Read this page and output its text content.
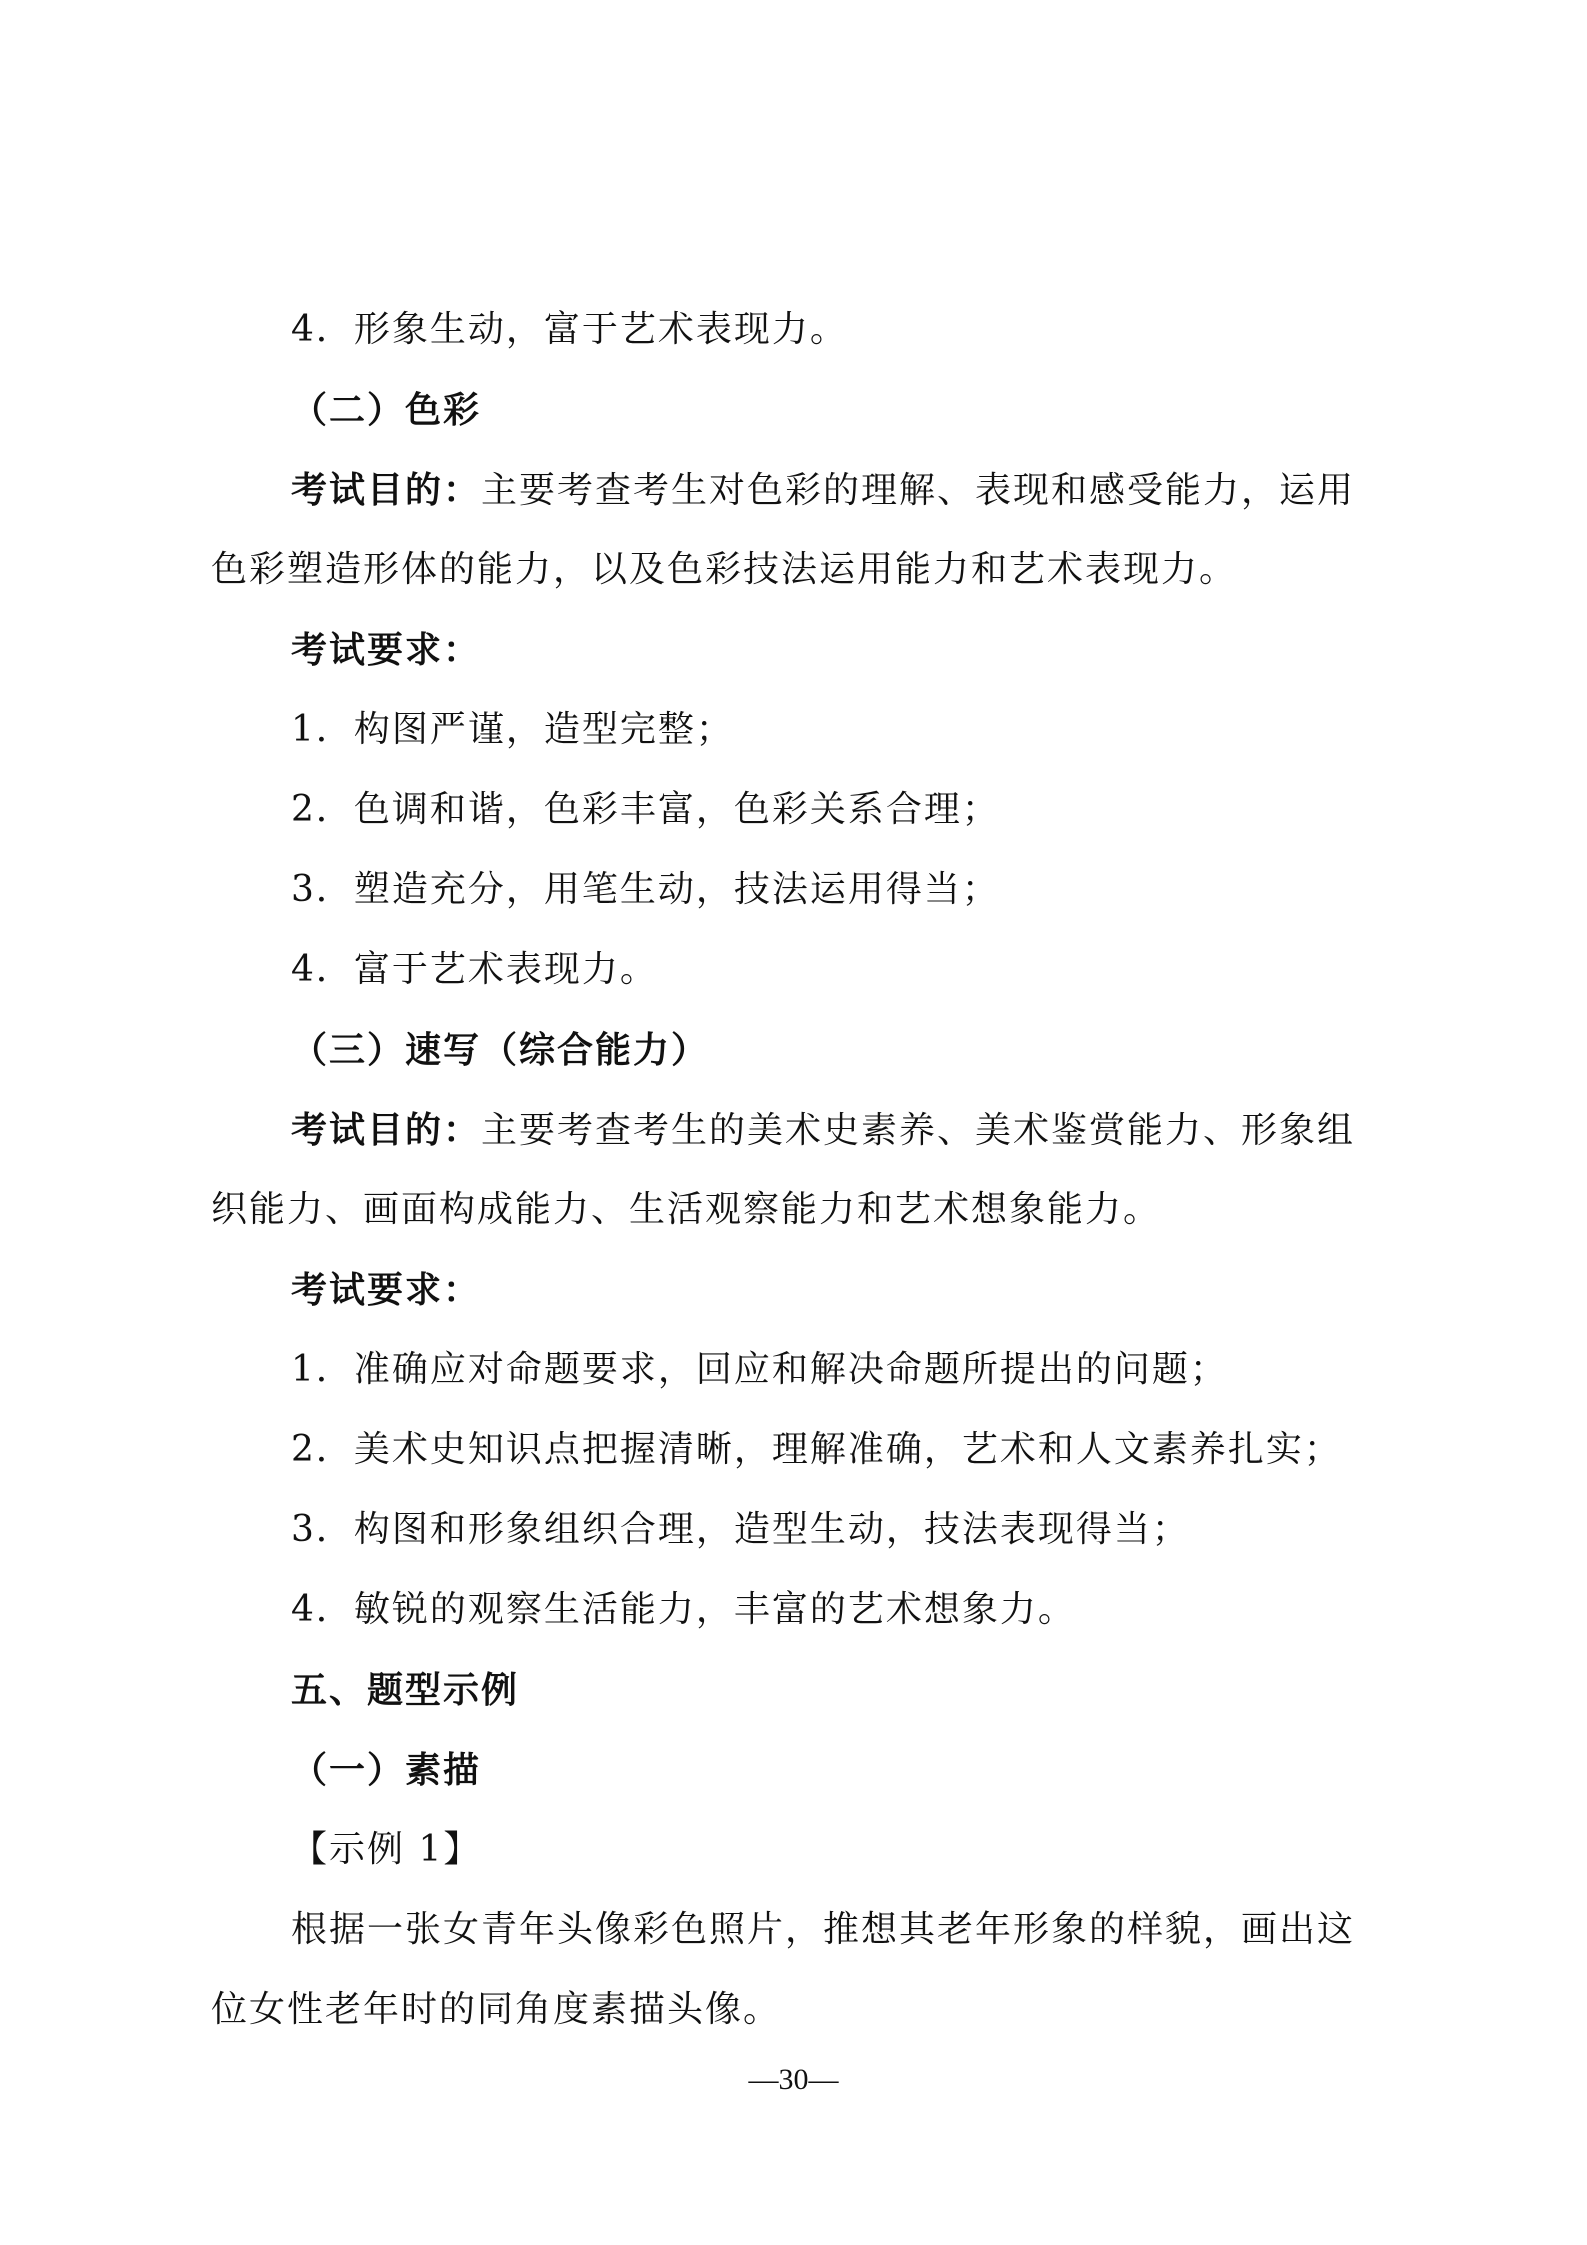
4．形象生动，富于艺术表现力。
（二）色彩
考试目的：主要考查考生对色彩的理解、表现和感受能力，运用
色彩塑造形体的能力，以及色彩技法运用能力和艺术表现力。
考试要求：
1．构图严谨，造型完整；
2．色调和谐，色彩丰富，色彩关系合理；
3．塑造充分，用笔生动，技法运用得当；
4．富于艺术表现力。
（三）速写（综合能力）
考试目的：主要考查考生的美术史素养、美术鉴赏能力、形象组
织能力、画面构成能力、生活观察能力和艺术想象能力。
考试要求：
1．准确应对命题要求，回应和解决命题所提出的问题；
2．美术史知识点把握清晰，理解准确，艺术和人文素养扎实；
3．构图和形象组织合理，造型生动，技法表现得当；
4．敏锐的观察生活能力，丰富的艺术想象力。
五、题型示例
（一）素描
【示例 1】
根据一张女青年头像彩色照片，推想其老年形象的样貌，画出这
位女性老年时的同角度素描头像。
—30—
